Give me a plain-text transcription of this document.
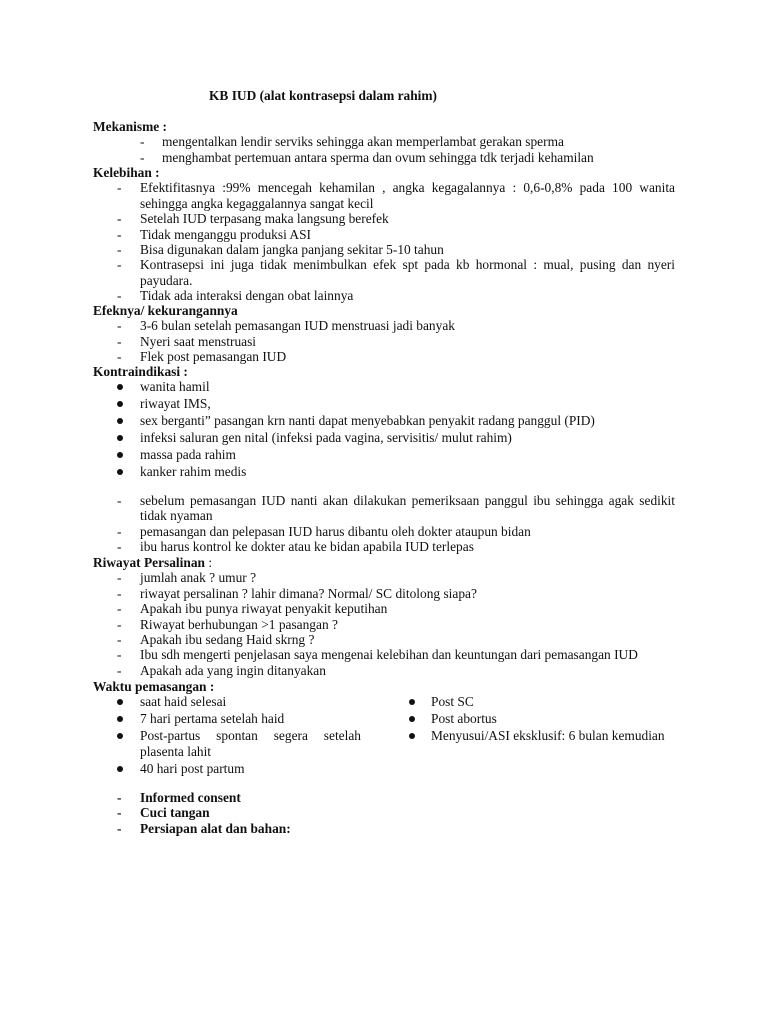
KB IUD (alat kontrasepsi dalam rahim)
Mekanisme :
- mengentalkan lendir serviks sehingga akan memperlambat gerakan sperma
- menghambat pertemuan antara sperma dan ovum sehingga tdk terjadi kehamilan
Kelebihan :
- Efektifitasnya :99% mencegah kehamilan , angka kegagalannya : 0,6-0,8% pada 100 wanita sehingga angka kegaggalannya sangat kecil
- Setelah IUD terpasang maka langsung berefek
- Tidak menganggu produksi ASI
- Bisa digunakan dalam jangka panjang sekitar 5-10 tahun
- Kontrasepsi ini juga tidak menimbulkan efek spt pada kb hormonal : mual, pusing dan nyeri payudara.
- Tidak ada interaksi dengan obat lainnya
Efeknya/ kekurangannya
- 3-6 bulan setelah pemasangan IUD menstruasi jadi banyak
- Nyeri saat menstruasi
- Flek post pemasangan IUD
Kontraindikasi :
wanita hamil
riwayat IMS,
sex berganti” pasangan krn nanti dapat menyebabkan penyakit radang panggul (PID)
infeksi saluran gen nital (infeksi pada vagina, servisitis/ mulut rahim)
massa pada rahim
kanker rahim medis
- sebelum pemasangan IUD nanti akan dilakukan pemeriksaan panggul ibu sehingga agak sedikit tidak nyaman
- pemasangan dan pelepasan IUD harus dibantu oleh dokter ataupun bidan
- ibu harus kontrol ke dokter atau ke bidan apabila IUD terlepas
Riwayat Persalinan :
- jumlah anak ? umur ?
- riwayat persalinan ? lahir dimana? Normal/ SC ditolong siapa?
- Apakah ibu punya riwayat penyakit keputihan
- Riwayat berhubungan >1 pasangan ?
- Apakah ibu sedang Haid skrng ?
- Ibu sdh mengerti penjelasan saya mengenai kelebihan dan keuntungan dari pemasangan IUD
- Apakah ada yang ingin ditanyakan
Waktu pemasangan :
saat haid selesai
7 hari pertama setelah haid
Post-partus spontan segera setelah plasenta lahit
40 hari post partum
Post SC
Post abortus
Menyusui/ASI eksklusif: 6 bulan kemudian
- Informed consent
- Cuci tangan
- Persiapan alat dan bahan:
